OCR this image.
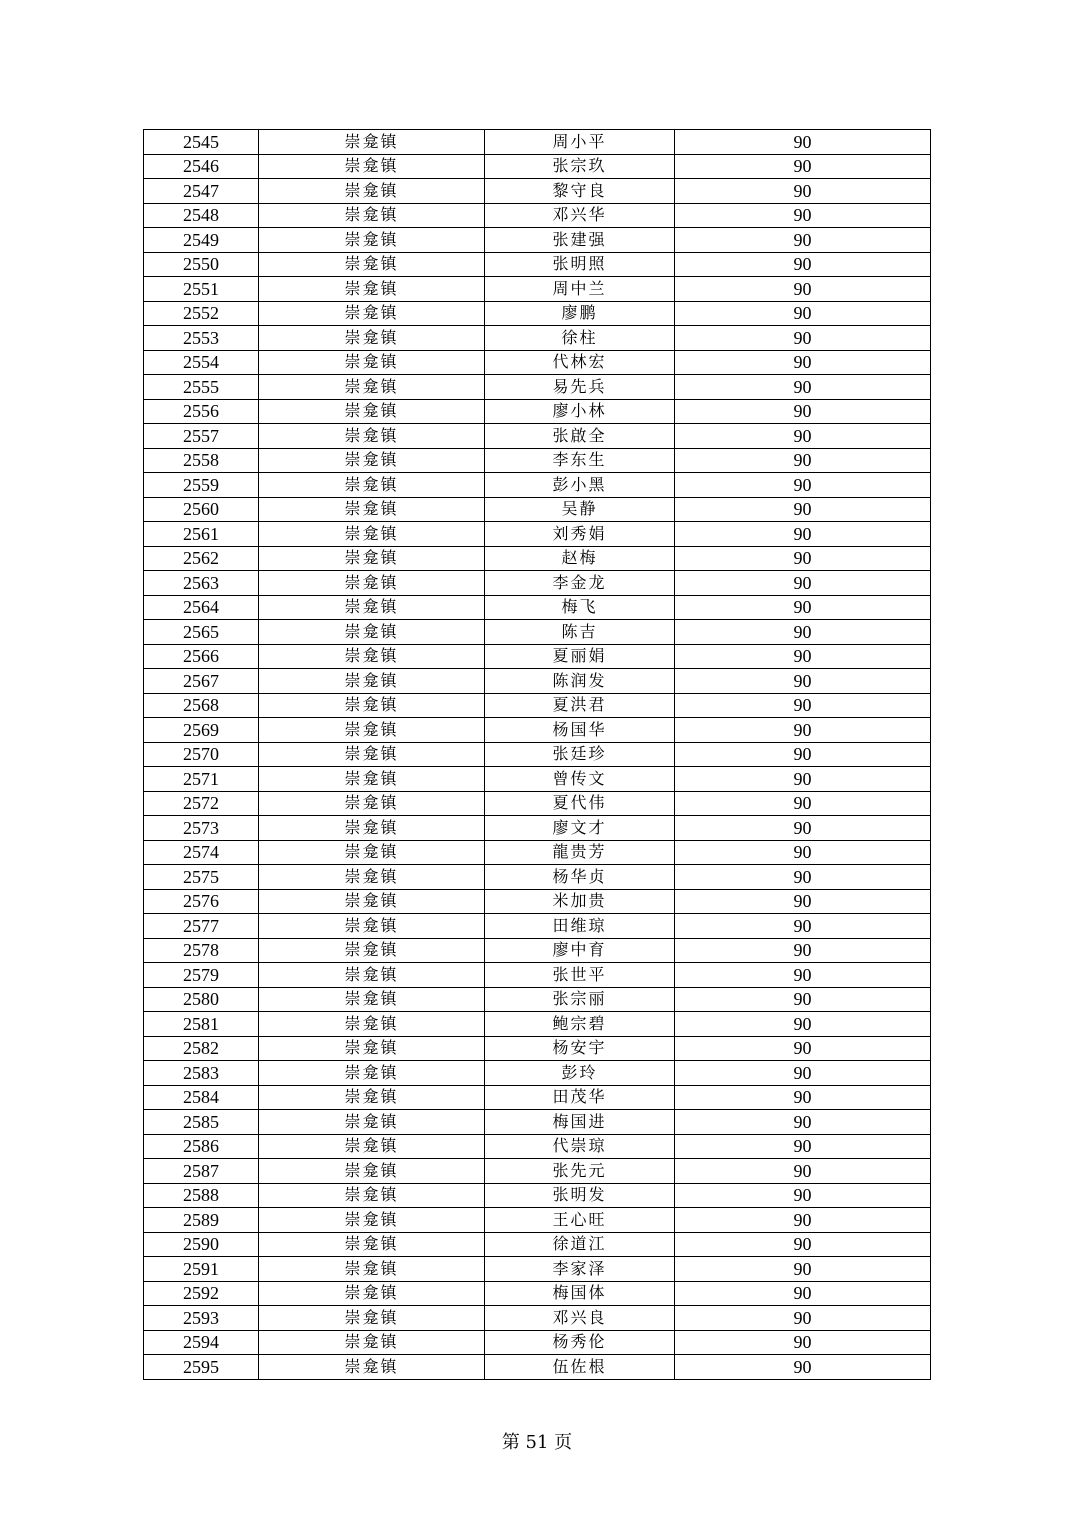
2545	崇龛镇	周小平	90
2546	崇龛镇	张宗玖	90
2547	崇龛镇	黎守良	90
2548	崇龛镇	邓兴华	90
2549	崇龛镇	张建强	90
2550	崇龛镇	张明照	90
2551	崇龛镇	周中兰	90
2552	崇龛镇	廖鹏	90
2553	崇龛镇	徐柱	90
2554	崇龛镇	代林宏	90
2555	崇龛镇	易先兵	90
2556	崇龛镇	廖小林	90
2557	崇龛镇	张啟全	90
2558	崇龛镇	李东生	90
2559	崇龛镇	彭小黑	90
2560	崇龛镇	吴静	90
2561	崇龛镇	刘秀娟	90
2562	崇龛镇	赵梅	90
2563	崇龛镇	李金龙	90
2564	崇龛镇	梅飞	90
2565	崇龛镇	陈吉	90
2566	崇龛镇	夏丽娟	90
2567	崇龛镇	陈润发	90
2568	崇龛镇	夏洪君	90
2569	崇龛镇	杨国华	90
2570	崇龛镇	张廷珍	90
2571	崇龛镇	曾传文	90
2572	崇龛镇	夏代伟	90
2573	崇龛镇	廖文才	90
2574	崇龛镇	龍贵芳	90
2575	崇龛镇	杨华贞	90
2576	崇龛镇	米加贵	90
2577	崇龛镇	田维琼	90
2578	崇龛镇	廖中育	90
2579	崇龛镇	张世平	90
2580	崇龛镇	张宗丽	90
2581	崇龛镇	鲍宗碧	90
2582	崇龛镇	杨安宇	90
2583	崇龛镇	彭玲	90
2584	崇龛镇	田茂华	90
2585	崇龛镇	梅国进	90
2586	崇龛镇	代崇琼	90
2587	崇龛镇	张先元	90
2588	崇龛镇	张明发	90
2589	崇龛镇	王心旺	90
2590	崇龛镇	徐道江	90
2591	崇龛镇	李家泽	90
2592	崇龛镇	梅国体	90
2593	崇龛镇	邓兴良	90
2594	崇龛镇	杨秀伦	90
2595	崇龛镇	伍佐根	90
第 51 页
